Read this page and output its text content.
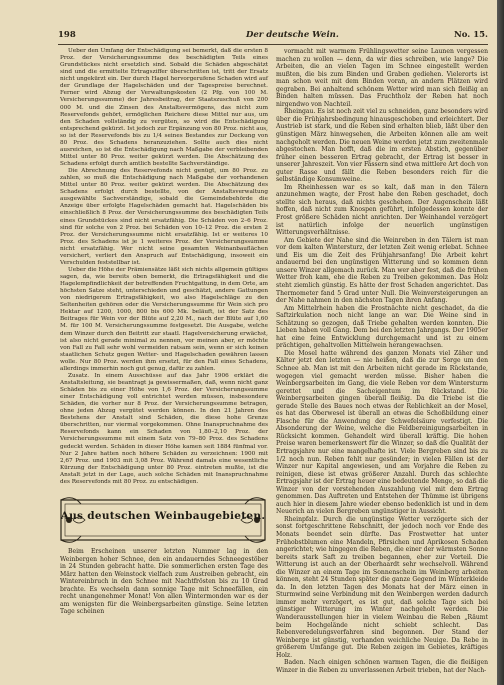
198	Der deutsche Wein.	No. 15.

Ueber den Umfang der Entschädigung sei bemerkt, daß die ersten 8 Proz. der Versicherungssumme des beschädigten Teils eines Grundstückes nicht ersetzlich sind. Sobald die Schäden abgeschätzt sind und die ermittelte Ertragsziffer überschritten ist, tritt der Ersatz nicht ungekürzt ein. Der durch Hagel hervorgerufene Schaden wird auf der Grundlage der Hagelschäden und der Tagespreise berechnet. Ferner wird Abzug der Verwaltungskosten (2 Pfg. von 100 M. Versicherungssumme) der Jahresbeitrag, der Staatszuschuß von 200 000 M. und die Zinsen des Anstaltsvermögens, das nicht zum Reservefonds gehört, ermöglichen Reichere diese Mittel nur aus, um den Schaden vollständig zu vergüten, so wird die Entschädigung entsprechend gekürzt. Ist jedoch zur Ergänzung von 80 Proz. nicht aus, so ist der Reservefonds bis zu 1/4 seines Bestandes zur Deckung von 80 Proz. des Schadens heranzuziehen. Sollte auch dies nicht ausreichen, so ist die Entschädigung nach Maßgabe der verbleibenden Mittel unter 80 Proz. weiter gekürzt werden. Die Abschätzung des Schadens erfolgt durch amtlich bestellte Sachverständige.

Die Abrechnung des Reservefonds nicht genügt, um 80 Proz. zu zahlen, so muß die Entschädigung nach Maßgabe der vorhandenen Mittel unter 80 Proz. weiter gekürzt werden. Die Abschätzung des Schadens erfolgt durch bestellte, von der Anstaltsverwaltung ausgewählte Sachverständige, sobald die Gemeindebehörde die Anzeige über erfolgte Hagelschäden gemacht hat. Hagelschäden bis einschließlich 8 Proz. der Versicherungssumme des beschädigten Teils eines Grundstückes sind nicht ersatzfähig. Die Schäden von 2–6 Proz. sind für solche von 2 Proz. bei Schäden von 10–12 Proz. die ersten 2 Proz. der Versicherungssumme nicht ersatzfähig. Ist er weiteres 10 Proz. des Schadens ist je 1 weiteres Proz. der Versicherungssumme nicht ersatzfähig. Wer nicht seine gesamten Weinanbauflächen versichert, verliert den Anspruch auf Entschädigung, insoweit ein Verschulden feststellbar ist.

Ueber die Höhe der Prämiensätze läßt sich nichts allgemein gültiges sagen, da, wie bereits oben bemerkt, die Ertragsfähigkeit und die Hagelempfindlichkeit der betreffenden Fruchtgattung, in dem Orte, am höchsten Satze steht, unterschieden und geschätzt, andere Gattungen von niedrigerem Ertragsfähigkeit, wo also Hagelschläge zu den Seltenheiten gehören oder die Versicherungssumme für Wein sich pro Hektar auf 1200, 1000, 800 bis 600 Mk. beläuft, ist der Satz des Beitrages für Wein vor der Blüte auf 2,20 M., nach der Blüte auf 1,60 M. für 100 M. Versicherungssumme festgesetzt. Die Ausgabe, welche dem Winzer durch den Beitritt zur staatl. Hagelversicherung erwächst, ist also nicht gerade minimal zu nennen, vor meinen aber, er möchte von Fall zu Fall sehr wohl vermeiden ratsam sein, wenn er sich keinen staatlichen Schutz gegen Wetter- und Hagelschaden gewähren lassen wolle. Nur 80 Proz. werden ihm ersetzt, für den Fall eines Schadens, allerdings immerhin noch gut genug, dafür zu zahlen.

Zusatz. In einem Ausschüsse auf das Jahr 1906 erklärt die Anstaltsleitung, sie beantragt ja gewissermaßen, daß, wenn nicht ganz Schäden bis zu einer Höhe von 1,6 Proz. der Versicherungssumme einer Entschädigung voll entrichtet werden müssen, insbesondere Schäden, die vorher nur 8 Proz. der Versicherungssumme betragen, ohne jeden Abzug vergütet werden können. In den 21 Jahren des Bestehens der Anstalt sind Schäden, die diese hohe Grenze überschritten, nur viermal vorgekommen. Ohne Inanspruchnahme des Reservefonds kann ein Schaden von 1,80–2,10 Proz. der Versicherungssumme mit einem Satz von 79–80 Proz. des Schadens gedeckt werden. Schäden in dieser Höhe kamen seit 1884 fünfmal vor. Nur 2 Jahre hatten noch höhere Schäden zu verzeichnen: 1900 mit 2,67 Proz. und 1903 mit 3,08 Proz. Während damals eine wesentliche Kürzung der Entschädigung unter 80 Proz. eintreten mußte, ist die Anstalt jetzt in der Lage, auch solche Schäden mit Inanspruchnahme des Reservefonds mit 80 Proz. zu entschädigen.

Aus deutschen Weinbaugebieten.

Beim Erscheinen unserer letzten Nummer lag in den Weinbergen hoher Schnee, den ein andauerndes Schneegestöber in 24 Stunden gebracht hatte. Die sommerlichen ersten Tage des März hatten den Weinstock vielfach zum Austreiben gebracht, ein Wintereinbruch in den Schnee mit Nachtfrösten bis zu 10 Grad brachte. Es wechseln dann sonnige Tage mit Schneefällen, ein recht unangenehmer Monat! Von allen Wintermonden war es der am wenigsten für die Weinbergsarbeiten günstige. Seine letzten Tage scheinen

vormacht mit warmem Frühlingswetter seine Launen vergessen machen zu wollen — denn, da wir dies schreiben, wie lange? Die Arbeiten, die an vielen Tagen im Schnee eingestellt werden mußten, die bis zum Binden und Graben gediehen. Vielerorts ist man schon weit mit dem Binden voran, an andern Plätzen wird gegraben. Bei anhaltend schönem Wetter wird man sich fleißig an Binden halten müssen. Das Fruchtholz der Reben hat noch nirgendwo von Nachteil.

Rheingau. Es ist noch zeit viel zu schneiden, ganz besonders wird über die Frühjahrsbedingung hinausgeschoben und erleichtert. Der Austrieb ist stark, und die Reben sind erhalten blieb, läßt über den günstigen März hinwegsehen, die Arbeiten können alle am weit nachgeholt werden. Die neuen Weine werden jetzt zum zweitenmale abgestochen. Man hofft, daß die im ersten Abstich, gegenüber früher einen besseren Ertrag gebracht, der Ertrag ist besser in unserer Jahreszeit. Von vier Fässern sind etwa mittlere Art doch von guter Rasse und fällt die Reben besonders reich für die selbständige Konsumweine.

Im Rheinhessen war es so kalt, daß man in den Tälern anzunehmen wagte, der Frost habe den Reben geschadet, doch stellte sich heraus, daß nichts geschehen. Der Augenschein läßt hoffen, daß nicht zum Knospen geführt, infolgedessen konnte der Frost größere Schäden nicht anrichten. Der Weinhandel verzögert ist natürlich infolge der neuerlich ungünstigen Witterungsverhältnisse.

Am Gebiete der Nahe sind die Weinreben in den Tälern ist man vor dem kalten Wintersturz, der letzten Zeit wenig erlebat. Schnee und Eis um die Zeit des Frühjahrsanfang! Die Arbeit kehrt andauernd bei den ungünstigen Witterung und so kommen denn unsere Winzer allgemach zurück. Man wer aber fest, daß die frühen Wetter froh kam, ehe die Reben zu Treiben gekommen. Das Holz steht ziemlich günstig. Es hätte der frost Schaden angerichtet. Das Thermometer fand 5 Grad unter Null. Die Weinversteigerungen an der Nahe nahmen in den nächsten Tagen ihren Anfang.

Am Mittelrhein haben die Frostnächte nicht geschadet, da die Saftzirkulation noch nicht lange an war. Die Weine sind in Schätzung so gezogen, daß Triebe gehalten werden konnten. Die Lieben haben voll Gang. Dem bei den letzten Jahrgangs. Der 1905er hat eine feine Entwicklung durchgemacht und ist zu einem prächtigen, gehaltvollen Mittelwein herangewachsen.

Die Mosel hatte während des ganzen Monats viel Zäher und Kälter jetzt den letzten — nie heißen, daß die zur Sorge um den Schnee ab. Man ist mit den Arbeiten nicht gerade im Rückstande, wogegen viel gemacht werden müsse. Bisher haben die Weinbergsarbeiten im Gang, die viele Reben vor dem Wintersturm gerettet und die Sacheigentum im Rückstand. Die Weinbergsarbeiten gingen überall fleißig. Da die Triebe ist die gerade Stelle des Baues noch etwas der Reblichkeit an der Mosel, es hat das Oberwesel ist überall an etwas die Schoßbildung einer Flasche für die Anwendung der Schwefelsäure verfestigt. Die Absonderung der Weine, welche die Feldbereinigungsarbeiten in Rücksicht kommen. Gehandelt wird überall kräftig. Die hohen Preise waren bemerkenswert für die Winzer, so daß die Qualität der Ertragsjahre nur eine mangelhafte ist. Viele Bergreben sind bis zu 1/2 noch nun. Reben fehlt nur gesünder; in vielen Fällen ist der Winzer nur Kapital angewiesen, und am Vorjahre die Reben zu reinigen, diese ist etwas größerer Anzahl. Durch das schlechte Ertragsjahr ist der Ertrag heuer eine bedeutende Menge, so daß die Winzer von der vorstehenden Auszahlung viel mit dem Ertrag genommen. Das Auftreten und Entstehen der Thümme ist übrigens auch hier in diesem Jahre wieder ebenso bedenklich ist und in dem Neuerich an vielen Bergreben ungünstiger in Aussicht.

Rheinpfalz. Durch die ungünstige Wetter verzögerte sich der sonst fortgeschrittene Rebschnitt, der jedoch noch vor Ende des Monats beendet sein dürfte. Das Frostwetter hat unter Frühobstblumen eine Mandeln, Pfirsichen und Aprikosen Schaden angerichtet; wie hingegen die Reben, die einer der wärmsten Sonne bereits stark Saft zu treiben begannen, eher zur Vorteil. Die Witterung ist auch an der Oberhaardt sehr wechselvoll. Während die Winzer an einem Tage im Sonnenschein im Weinberg arbeiten können, steht 24 Stunden später die ganze Gegend im Winterkleide da. In den letzten Tagen des Monats hat der März einen in Sturmwind seine Verbindung mit den Weinbergen werden dadurch immer mehr verzögert, es ist gut, daß solche Tage sich bei günstiger Witterung im Winter nachgeholt werden. Die Wanderausstellungen hier in vielem Weinbau die Reben „Räumt beim Hochgelände nicht schiebt schlecht. Das Rebenveredelungsverfahren sind begonnen. Der Stand der Weinberge ist günstig, vorhanden weichliche Neuige. Da Rebe in größerem Umfange gut. Die Reben zeigen im Gebietes, kräftiges Holz.

Baden. Nach einigen schönen warmen Tagen, die die fleißigen Winzer in die Reben zu unverlassenen Arbeit trieben, hat der Nach-
